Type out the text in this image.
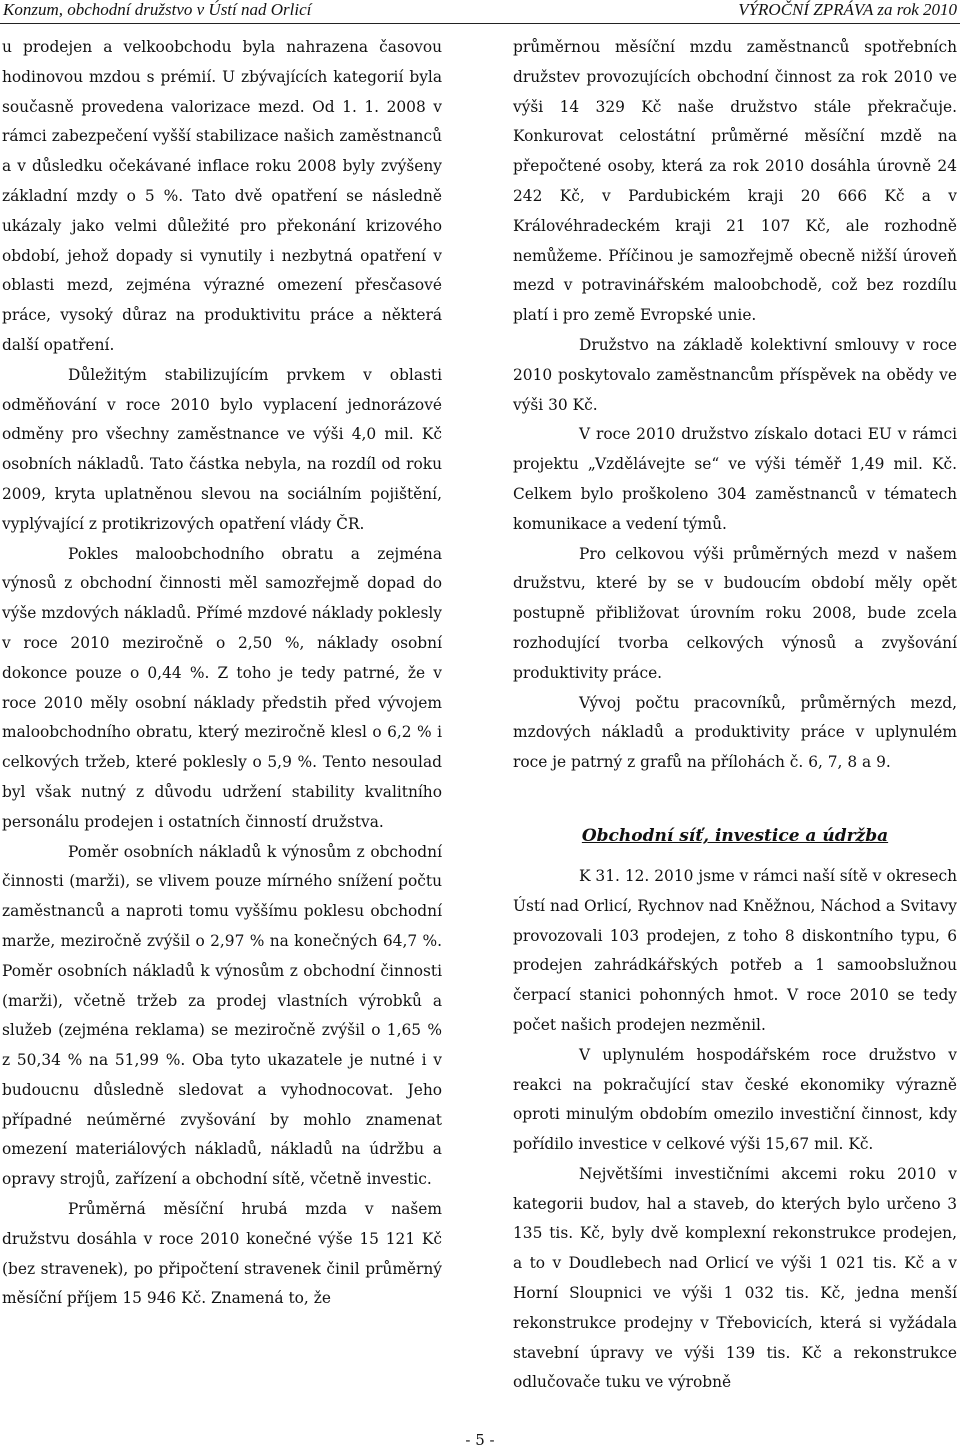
Konzum, obchodní družstvo v Ústí nad Orlicí	VÝROČNÍ ZPRÁVA za rok 2010

u prodejen a velkoobchodu byla nahrazena časovou hodinovou mzdou s prémií. U zbývajících kategorií byla současně provedena valorizace mezd. Od 1. 1. 2008 v rámci zabezpečení vyšší stabilizace našich zaměstnanců a v důsledku očekávané inflace roku 2008 byly zvýšeny základní mzdy o 5 %. Tato dvě opatření se následně ukázaly jako velmi důležité pro překonání krizového období, jehož dopady si vynutily i nezbytná opatření v oblasti mezd, zejména výrazné omezení přesčasové práce, vysoký důraz na produktivitu práce a některá další opatření.

Důležitým stabilizujícím prvkem v oblasti odměňování v roce 2010 bylo vyplacení jednorázové odměny pro všechny zaměstnance ve výši 4,0 mil. Kč osobních nákladů. Tato částka nebyla, na rozdíl od roku 2009, kryta uplatněnou slevou na sociálním pojištění, vyplývající z protikrizových opatření vlády ČR.

Pokles maloobchodního obratu a zejména výnosů z obchodní činnosti měl samozřejmě dopad do výše mzdových nákladů. Přímé mzdové náklady poklesly v roce 2010 meziročně o 2,50 %, náklady osobní dokonce pouze o 0,44 %. Z toho je tedy patrné, že v roce 2010 měly osobní náklady předstih před vývojem maloobchodního obratu, který meziročně klesl o 6,2 % i celkových tržeb, které poklesly o 5,9 %. Tento nesoulad byl však nutný z důvodu udržení stability kvalitního personálu prodejen i ostatních činností družstva.

Poměr osobních nákladů k výnosům z obchodní činnosti (marži), se vlivem pouze mírného snížení počtu zaměstnanců a naproti tomu vyššímu poklesu obchodní marže, meziročně zvýšil o 2,97 % na konečných 64,7 %. Poměr osobních nákladů k výnosům z obchodní činnosti (marži), včetně tržeb za prodej vlastních výrobků a služeb (zejména reklama) se meziročně zvýšil o 1,65 % z 50,34 % na 51,99 %. Oba tyto ukazatele je nutné i v budoucnu důsledně sledovat a vyhodnocovat. Jeho případné neúměrné zvyšování by mohlo znamenat omezení materiálových nákladů, nákladů na údržbu a opravy strojů, zařízení a obchodní sítě, včetně investic.

Průměrná měsíční hrubá mzda v našem družstvu dosáhla v roce 2010 konečné výše 15 121 Kč (bez stravenek), po připočtení stravenek činil průměrný měsíční příjem 15 946 Kč. Znamená to, že

průměrnou měsíční mzdu zaměstnanců spotřebních družstev provozujících obchodní činnost za rok 2010 ve výši 14 329 Kč naše družstvo stále překračuje. Konkurovat celostátní průměrné měsíční mzdě na přepočtené osoby, která za rok 2010 dosáhla úrovně 24 242 Kč, v Pardubickém kraji 20 666 Kč a v Královéhradeckém kraji 21 107 Kč, ale rozhodně nemůžeme. Příčinou je samozřejmě obecně nižší úroveň mezd v potravinářském maloobchodě, což bez rozdílu platí i pro země Evropské unie.

Družstvo na základě kolektivní smlouvy v roce 2010 poskytovalo zaměstnancům příspěvek na obědy ve výši 30 Kč.

V roce 2010 družstvo získalo dotaci EU v rámci projektu „Vzdělávejte se“ ve výši téměř 1,49 mil. Kč. Celkem bylo proškoleno 304 zaměstnanců v tématech komunikace a vedení týmů.

Pro celkovou výši průměrných mezd v našem družstvu, které by se v budoucím období měly opět postupně přibližovat úrovním roku 2008, bude zcela rozhodující tvorba celkových výnosů a zvyšování produktivity práce.

Vývoj počtu pracovníků, průměrných mezd, mzdových nákladů a produktivity práce v uplynulém roce je patrný z grafů na přílohách č. 6, 7, 8 a 9.

Obchodní síť, investice a údržba

K 31. 12. 2010 jsme v rámci naší sítě v okresech Ústí nad Orlicí, Rychnov nad Kněžnou, Náchod a Svitavy provozovali 103 prodejen, z toho 8 diskontního typu, 6 prodejen zahrádkářských potřeb a 1 samoobslužnou čerpací stanici pohonných hmot. V roce 2010 se tedy počet našich prodejen nezměnil.

V uplynulém hospodářském roce družstvo v reakci na pokračující stav české ekonomiky výrazně oproti minulým obdobím omezilo investiční činnost, kdy pořídilo investice v celkové výši 15,67 mil. Kč.

Největšími investičními akcemi roku 2010 v kategorii budov, hal a staveb, do kterých bylo určeno 3 135 tis. Kč, byly dvě komplexní rekonstrukce prodejen, a to v Doudlebech nad Orlicí ve výši 1 021 tis. Kč a v Horní Sloupnici ve výši 1 032 tis. Kč, jedna menší rekonstrukce prodejny v Třebovicích, která si vyžádala stavební úpravy ve výši 139 tis. Kč a rekonstrukce odlučovače tuku ve výrobně

- 5 -
